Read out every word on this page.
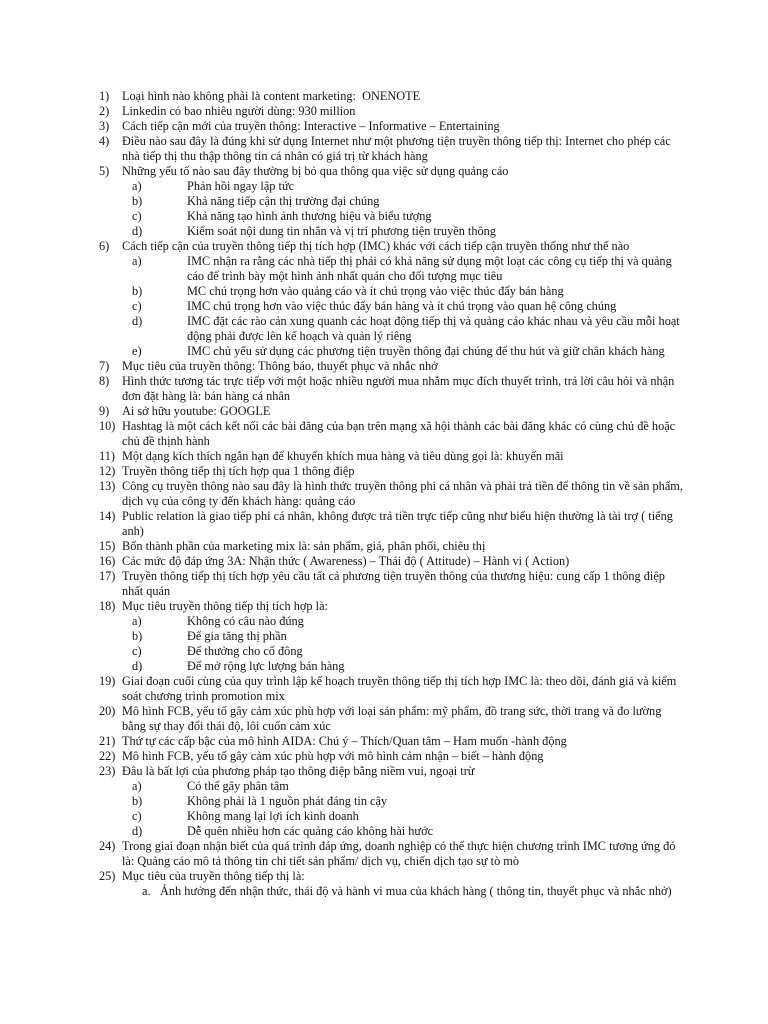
1)	Loại hình nào không phải là content marketing:  ONENOTE
2)	Linkedin có bao nhiêu người dùng: 930 million
3)	Cách tiếp cận mới của truyền thông: Interactive – Informative – Entertaining
4)	Điều nào sau đây là đúng khi sử dụng Internet như một phương tiện truyền thông tiếp thị: Internet cho phép các nhà tiếp thị thu thập thông tin cá nhân có giá trị từ khách hàng
5)	Những yếu tố nào sau đây thường bị bỏ qua thông qua việc sử dụng quảng cáo
a)	Phản hồi ngay lập tức
b)	Khả năng tiếp cận thị trường đại chúng
c)	Khả năng tạo hình ảnh thương hiệu và biểu tượng
d)	Kiểm soát nội dung tin nhắn và vị trí phương tiện truyền thông
6)	Cách tiếp cận của truyền thông tiếp thị tích hợp (IMC) khác với cách tiếp cận truyền thống như thế nào
a)	IMC nhận ra rằng các nhà tiếp thị phải có khả năng sử dụng một loạt các công cụ tiếp thị và quảng cáo để trình bày một hình ảnh nhất quán cho đối tượng mục tiêu
b)	MC chú trọng hơn vào quảng cáo và ít chú trọng vào việc thúc đẩy bán hàng
c)	IMC chú trọng hơn vào việc thúc đẩy bán hàng và ít chú trọng vào quan hệ công chúng
d)	IMC đặt các rào cản xung quanh các hoạt động tiếp thị và quảng cáo khác nhau và yêu cầu mỗi hoạt động phải được lên kế hoạch và quản lý riêng
e)	IMC chủ yếu sử dụng các phương tiện truyền thông đại chúng để thu hút và giữ chân khách hàng
7)	Mục tiêu của truyền thông: Thông báo, thuyết phục và nhắc nhở
8)	Hình thức tương tác trực tiếp với một hoặc nhiều người mua nhằm mục đích thuyết trình, trả lời câu hỏi và nhận đơn đặt hàng là: bán hàng cá nhân
9)	Ai sở hữu youtube: GOOGLE
10) Hashtag là một cách kết nối các bài đăng của bạn trên mạng xã hội thành các bài đăng khác có cùng chủ đề hoặc chủ đề thịnh hành
11) Một dạng kích thích ngắn hạn để khuyến khích mua hàng và tiêu dùng gọi là: khuyến mãi
12) Truyền thông tiếp thị tích hợp qua 1 thông điệp
13) Công cụ truyền thông nào sau đây là hình thức truyền thông phi cá nhân và phải trả tiền để thông tin về sản phẩm, dịch vụ của công ty đến khách hàng: quảng cáo
14) Public relation là giao tiếp phi cá nhân, không được trả tiền trực tiếp cũng như biểu hiện thường là tài trợ ( tiếng anh)
15) Bốn thành phần của marketing mix là: sản phẩm, giá, phân phối, chiêu thị
16) Các mức độ đáp ứng 3A: Nhận thức ( Awareness) – Thái độ ( Attitude) – Hành vi ( Action)
17) Truyền thông tiếp thị tích hợp yêu cầu tất cả phương tiện truyền thông của thương hiệu: cung cấp 1 thông điệp nhất quán
18) Mục tiêu truyền thông tiếp thị tích hợp là:
a)	Không có câu nào đúng
b)	Để gia tăng thị phần
c)	Để thưởng cho cổ đông
d)	Để mở rộng lực lượng bán hàng
19) Giai đoạn cuối cùng của quy trình lập kế hoạch truyền thông tiếp thị tích hợp IMC là: theo dõi, đánh giá và kiểm soát chương trình promotion mix
20) Mô hình FCB, yếu tố gây cảm xúc phù hợp với loại sản phẩm: mỹ phẩm, đồ trang sức, thời trang và đo lường bằng sự thay đổi thái độ, lôi cuốn cảm xúc
21) Thứ tự các cấp bậc của mô hình AIDA: Chú ý – Thích/Quan tâm – Ham muốn -hành động
22) Mô hình FCB, yếu tố gây cảm xúc phù hợp với mô hình cảm nhận – biết – hành động
23) Đâu là bất lợi của phương pháp tạo thông điệp bằng niềm vui, ngoại trừ
a)	Có thể gây phân tâm
b)	Không phải là 1 nguồn phát đáng tin cậy
c)	Không mang lại lợi ích kinh doanh
d)	Dễ quên nhiều hơn các quảng cáo không hài hước
24) Trong giai đoạn nhận biết của quá trình đáp ứng, doanh nghiệp có thể thực hiện chương trình IMC tương ứng đó là: Quảng cáo mô tả thông tin chi tiết sản phẩm/ dịch vụ, chiến dịch tạo sự tò mò
25) Mục tiêu của truyền thông tiếp thị là:
a. Ảnh hưởng đến nhận thức, thái độ và hành vi mua của khách hàng ( thông tin, thuyết phục và nhắc nhở)
